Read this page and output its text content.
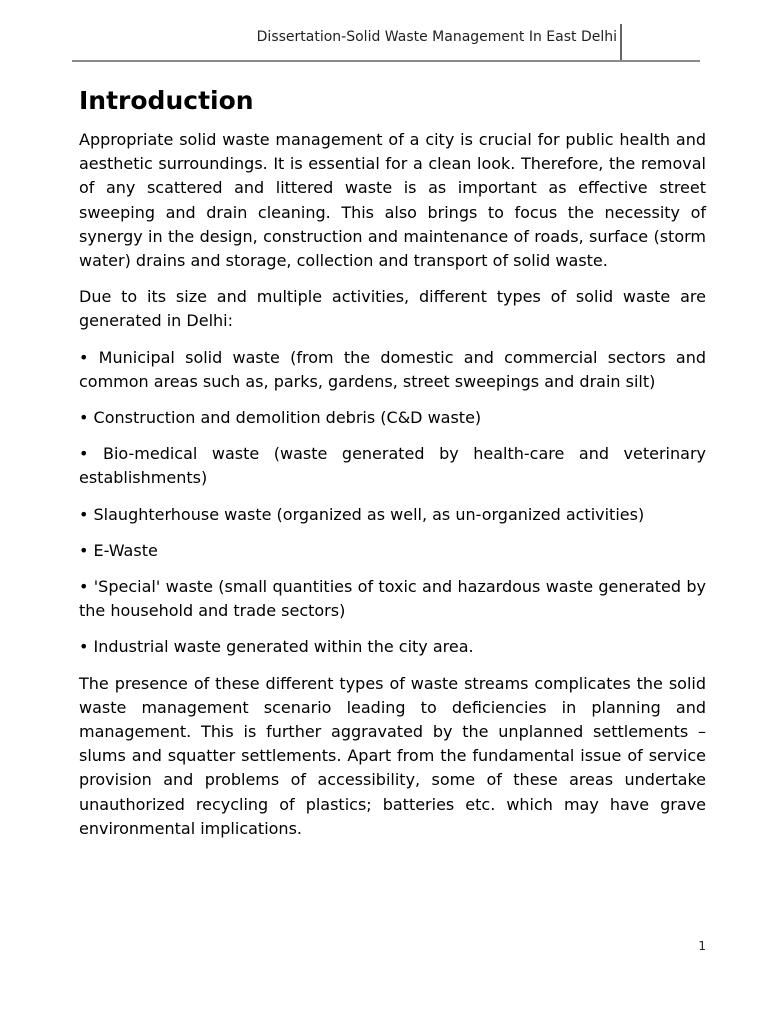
Dissertation-Solid Waste Management In East Delhi
Introduction

Appropriate solid waste management of a city is crucial for public health and aesthetic surroundings. It is essential for a clean look. Therefore, the removal of any scattered and littered waste is as important as effective street sweeping and drain cleaning. This also brings to focus the necessity of synergy in the design, construction and maintenance of roads, surface (storm water) drains and storage, collection and transport of solid waste.

Due to its size and multiple activities, different types of solid waste are generated in Delhi:

• Municipal solid waste (from the domestic and commercial sectors and common areas such as, parks, gardens, street sweepings and drain silt)

• Construction and demolition debris (C&D waste)

• Bio-medical waste (waste generated by health-care and veterinary establishments)

• Slaughterhouse waste (organized as well, as un-organized activities)

• E-Waste

• 'Special' waste (small quantities of toxic and hazardous waste generated by the household and trade sectors)

• Industrial waste generated within the city area.

The presence of these different types of waste streams complicates the solid waste management scenario leading to deficiencies in planning and management. This is further aggravated by the unplanned settlements – slums and squatter settlements. Apart from the fundamental issue of service provision and problems of accessibility, some of these areas undertake unauthorized recycling of plastics; batteries etc. which may have grave environmental implications.

1
